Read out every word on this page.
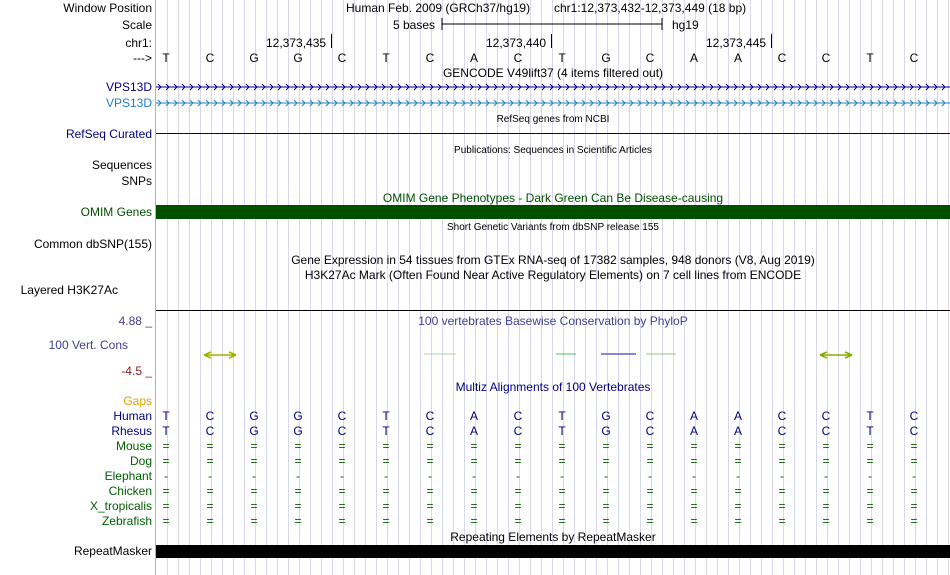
Window Position	Human Feb. 2009 (GRCh37/hg19) chr1:12,373,432-12,373,449 (18 bp)
Scale	5 bases	hg19
chr1:	12,373,435	12,373,440	12,373,445
---> T	C	G	G	C	T	C	A	C	T	G	C	A	A	C	C	T	C
GENCODE V49lift37 (4 items filtered out)
VPS13D
VPS13D
RefSeq genes from NCBI
RefSeq Curated
Publications: Sequences in Scientific Articles
Sequences
SNPs
OMIM Gene Phenotypes - Dark Green Can Be Disease-causing
OMIM Genes
Short Genetic Variants from dbSNP release 155
Common dbSNP(155)
Gene Expression in 54 tissues from GTEx RNA-seq of 17382 samples, 948 donors (V8, Aug 2019)
H3K27Ac Mark (Often Found Near Active Regulatory Elements) on 7 cell lines from ENCODE
Layered H3K27Ac
4.88 _	100 vertebrates Basewise Conservation by PhyloP
100 Vert. Cons
-4.5 _
Multiz Alignments of 100 Vertebrates
Gaps
Human T	C	G	G	C	T	C	A	C	T	G	C	A	A	C	C	T	C
Rhesus T	C	G	G	C	T	C	A	C	T	G	C	A	A	C	C	T	C
Mouse =	=	=	=	=	=	=	=	=	=	=	=	=	=	=	=	=	=
Dog =	=	=	=	=	=	=	=	=	=	=	=	=	=	=	=	=	=
Elephant	-	-	-	-	-	-	-	-	-	-	-	-	-	-	-	-	-	-
Chicken =	=	=	=	=	=	=	=	=	=	=	=	=	=	=	=	=	=
X_tropicalis =	=	=	=	=	=	=	=	=	=	=	=	=	=	=	=	=	=
Zebrafish =	=	=	=	=	=	=	=	=	=	=	=	=	=	=	=	=	=
Repeating Elements by RepeatMasker
RepeatMasker
